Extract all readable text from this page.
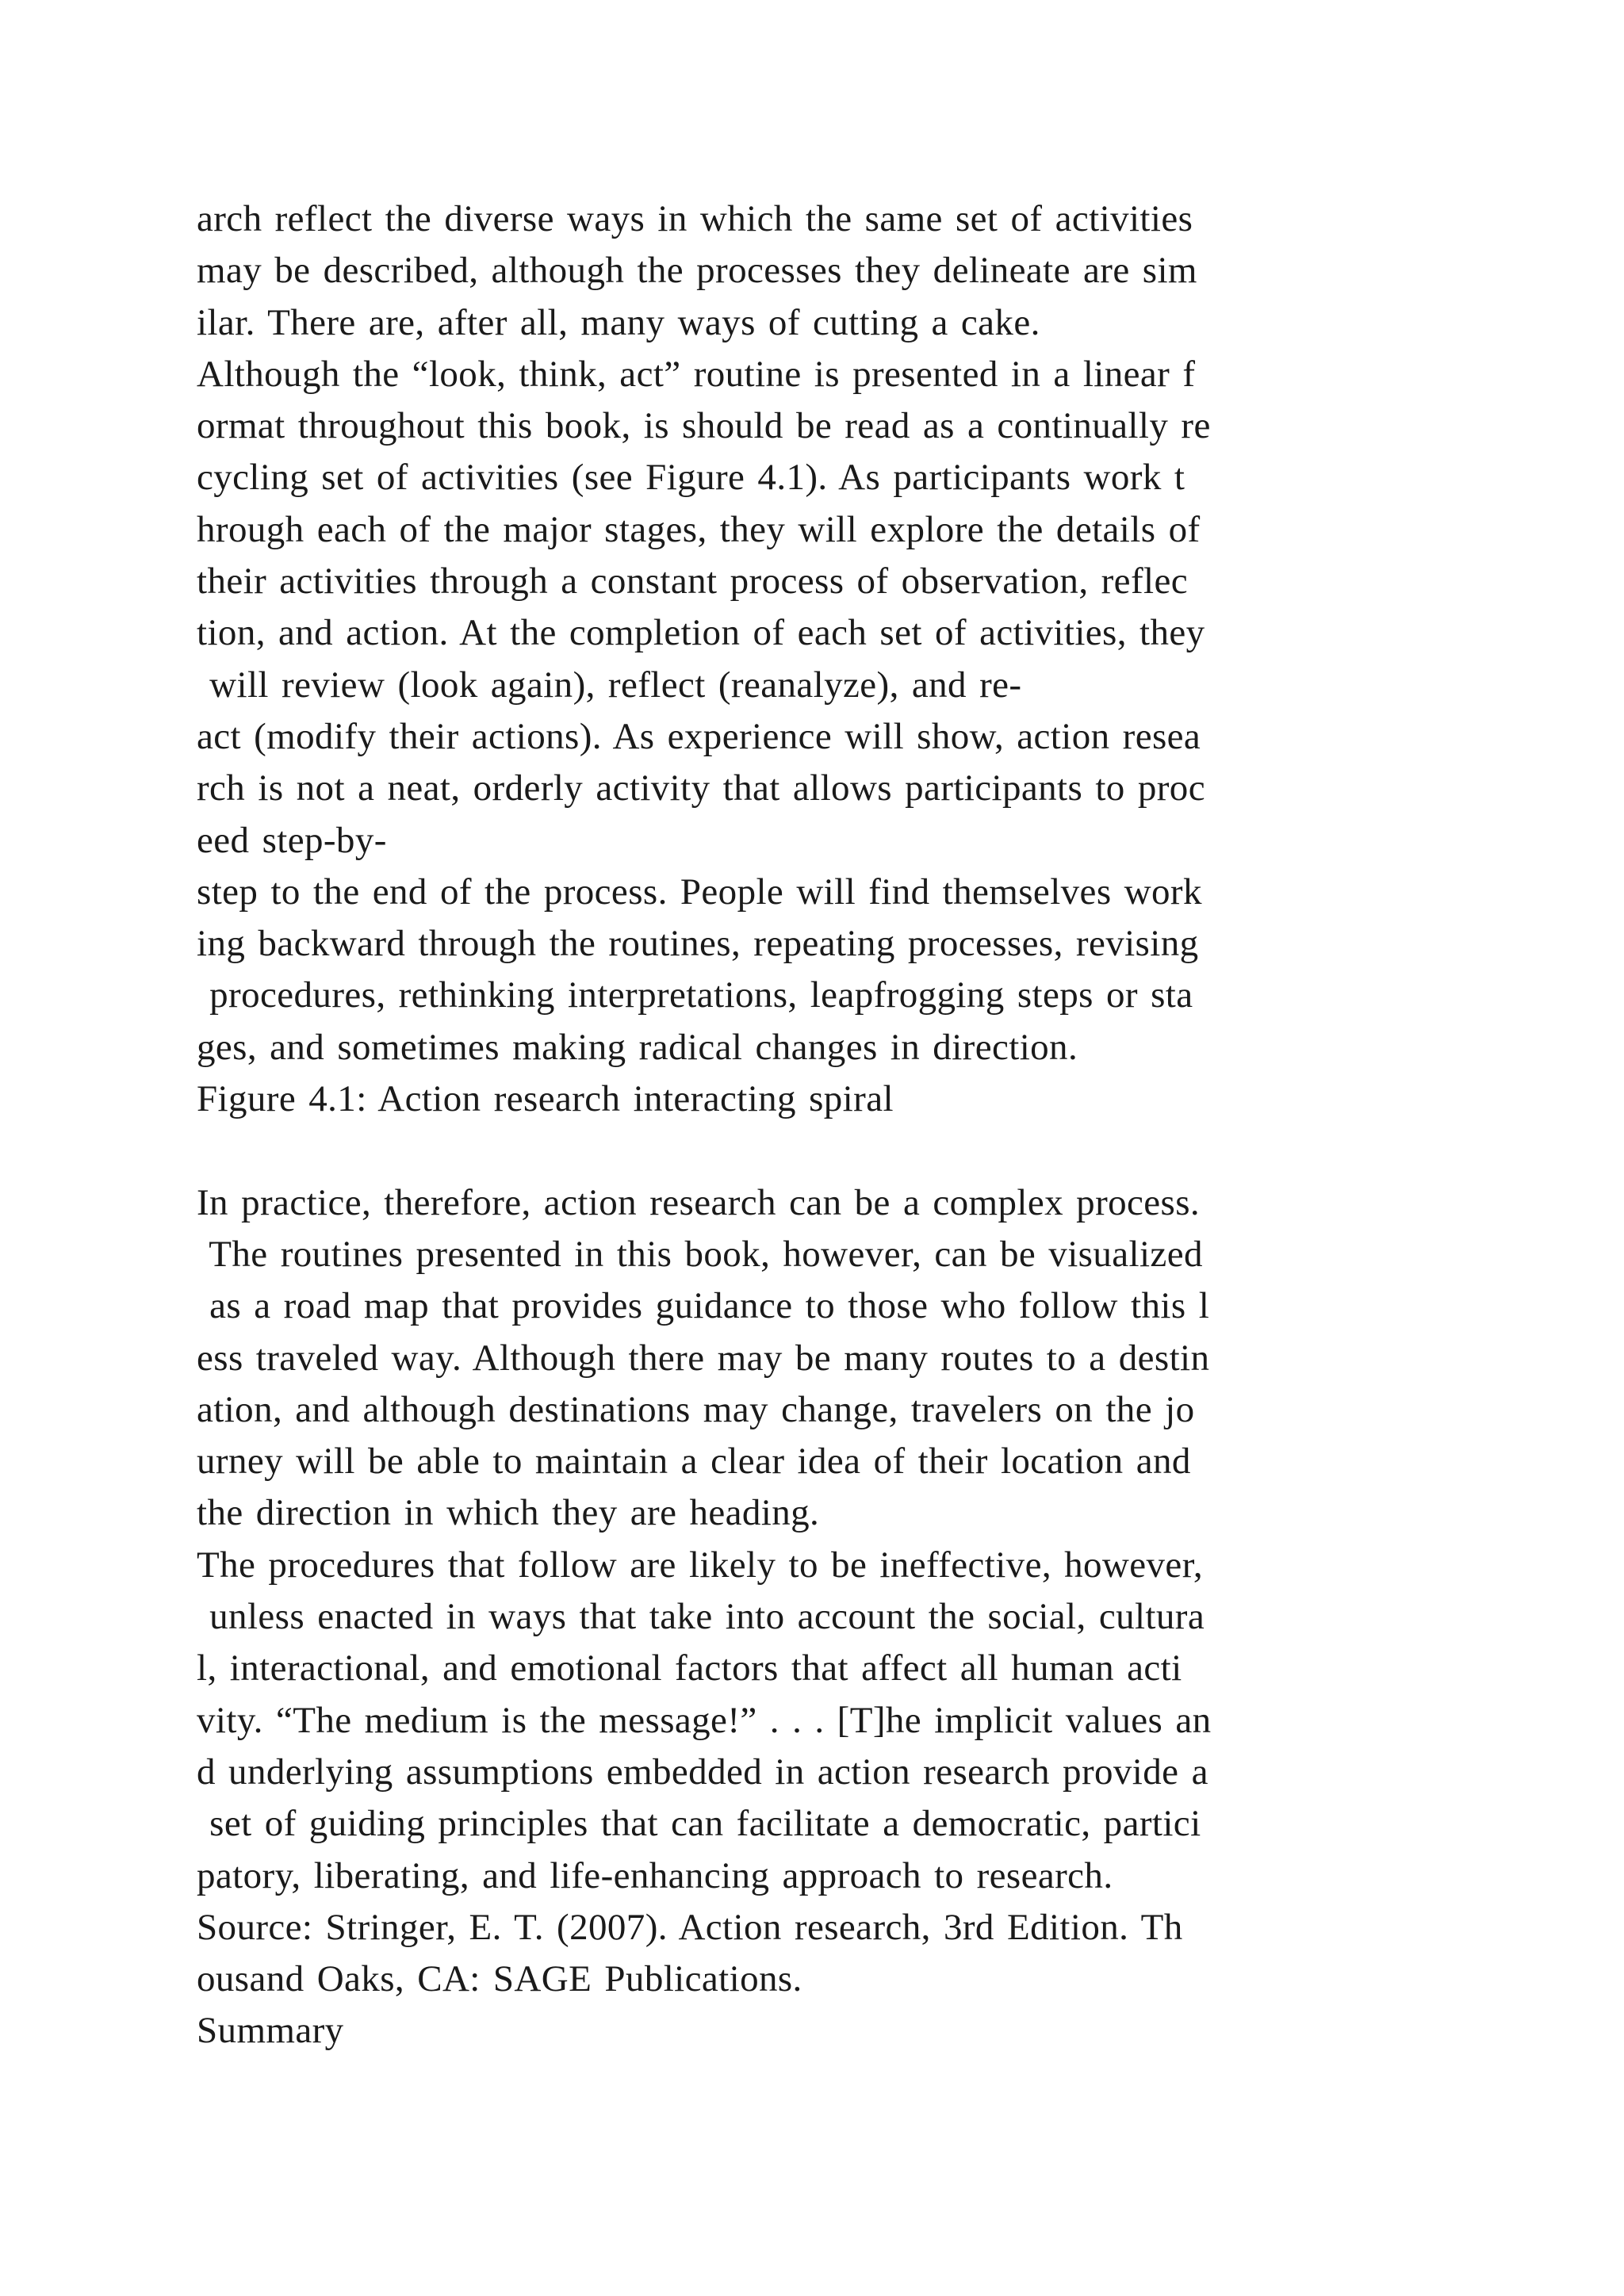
arch reflect the diverse ways in which the same set of activities
may be described, although the processes they delineate are sim
ilar. There are, after all, many ways of cutting a cake.
Although the “look, think, act” routine is presented in a linear f
ormat throughout this book, is should be read as a continually re
cycling set of activities (see Figure 4.1). As participants work t
hrough each of the major stages, they will explore the details of
their activities through a constant process of observation, reflec
tion, and action. At the completion of each set of activities, they
will review (look again), reflect (reanalyze), and re-
act (modify their actions). As experience will show, action resea
rch is not a neat, orderly activity that allows participants to proc
eed step-by-
step to the end of the process. People will find themselves work
ing backward through the routines, repeating processes, revising
procedures, rethinking interpretations, leapfrogging steps or sta
ges, and sometimes making radical changes in direction.
Figure 4.1: Action research interacting spiral
In practice, therefore, action research can be a complex process.
The routines presented in this book, however, can be visualized
as a road map that provides guidance to those who follow this l
ess traveled way. Although there may be many routes to a destin
ation, and although destinations may change, travelers on the jo
urney will be able to maintain a clear idea of their location and
the direction in which they are heading.
The procedures that follow are likely to be ineffective, however,
unless enacted in ways that take into account the social, cultura
l, interactional, and emotional factors that affect all human acti
vity. “The medium is the message!” . . . [T]he implicit values an
d underlying assumptions embedded in action research provide a
set of guiding principles that can facilitate a democratic, partici
patory, liberating, and life-enhancing approach to research.
Source: Stringer, E. T. (2007). Action research, 3rd Edition. Th
ousand Oaks, CA: SAGE Publications.
Summary
